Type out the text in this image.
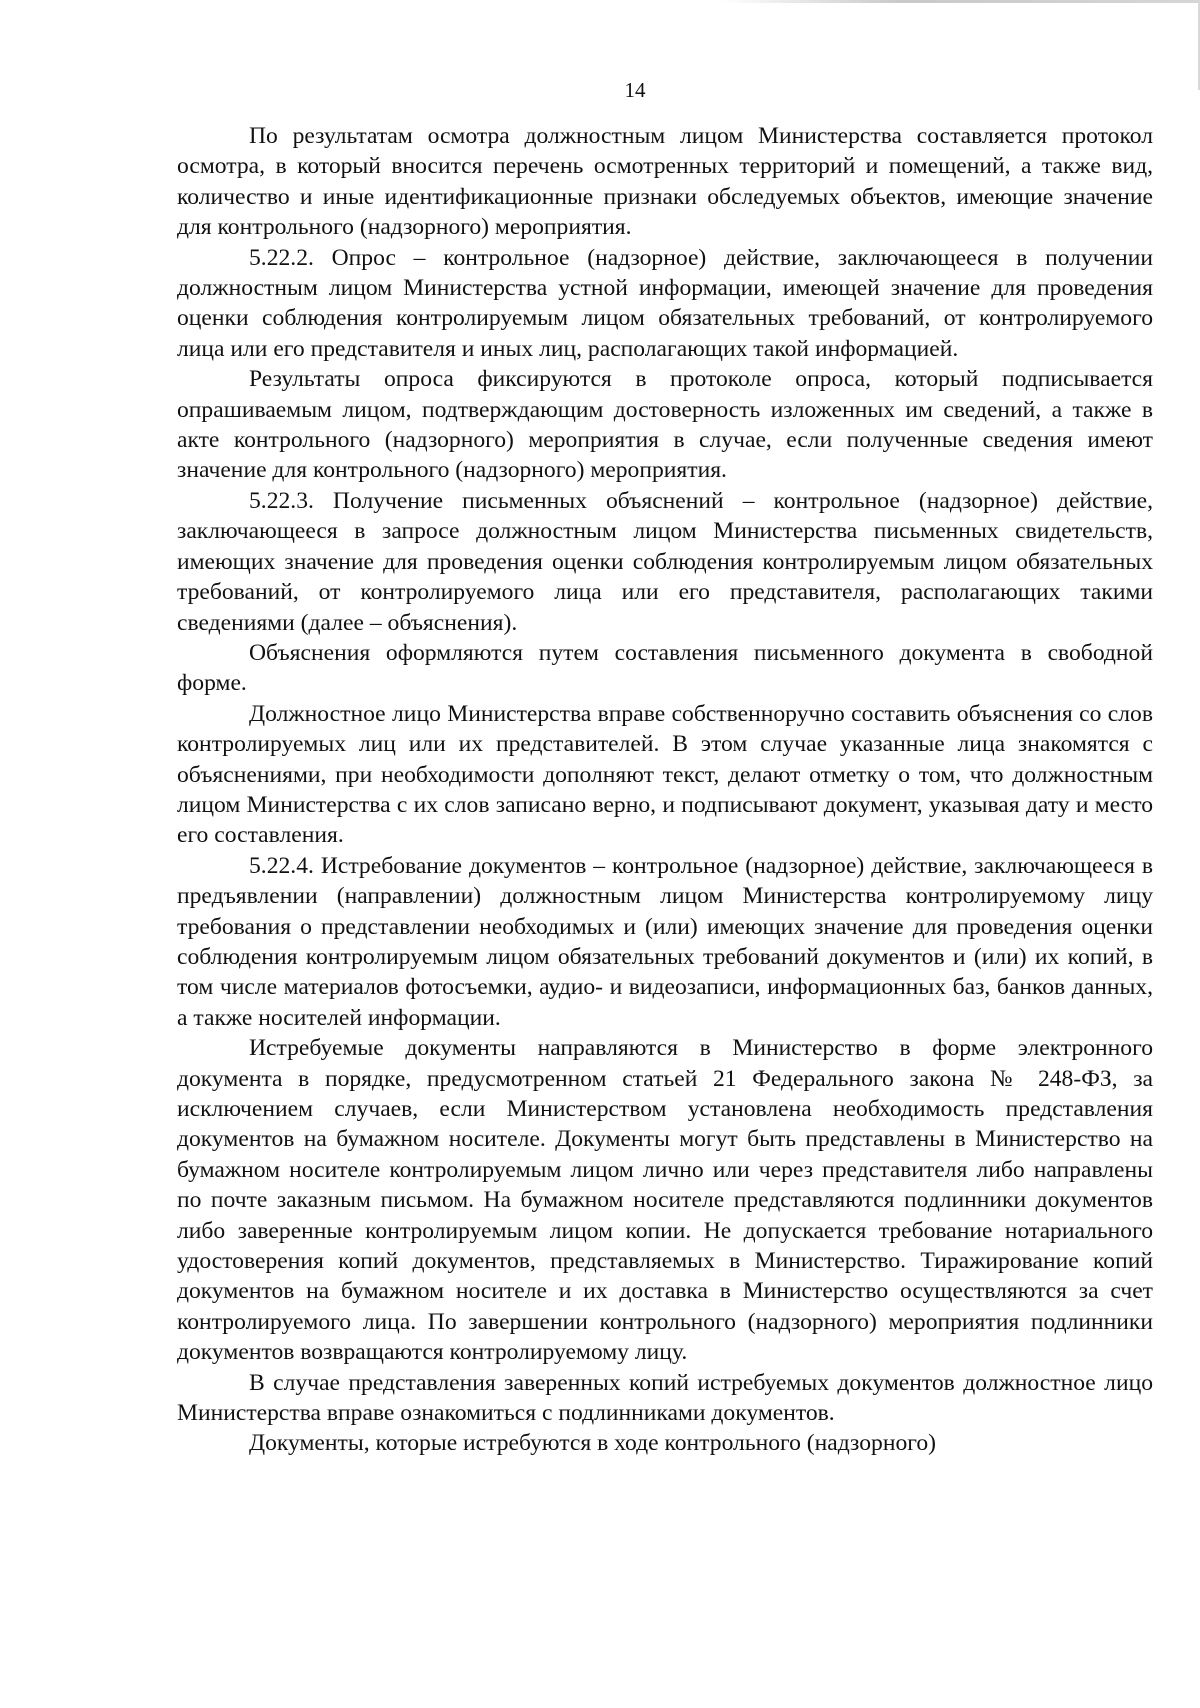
14

По результатам осмотра должностным лицом Министерства составляется протокол осмотра, в который вносится перечень осмотренных территорий и помещений, а также вид, количество и иные идентификационные признаки обследуемых объектов, имеющие значение для контрольного (надзорного) мероприятия.

5.22.2. Опрос – контрольное (надзорное) действие, заключающееся в получении должностным лицом Министерства устной информации, имеющей значение для проведения оценки соблюдения контролируемым лицом обязательных требований, от контролируемого лица или его представителя и иных лиц, располагающих такой информацией.

Результаты опроса фиксируются в протоколе опроса, который подписывается опрашиваемым лицом, подтверждающим достоверность изложенных им сведений, а также в акте контрольного (надзорного) мероприятия в случае, если полученные сведения имеют значение для контрольного (надзорного) мероприятия.

5.22.3. Получение письменных объяснений – контрольное (надзорное) действие, заключающееся в запросе должностным лицом Министерства письменных свидетельств, имеющих значение для проведения оценки соблюдения контролируемым лицом обязательных требований, от контролируемого лица или его представителя, располагающих такими сведениями (далее – объяснения).

Объяснения оформляются путем составления письменного документа в свободной форме.

Должностное лицо Министерства вправе собственноручно составить объяснения со слов контролируемых лиц или их представителей. В этом случае указанные лица знакомятся с объяснениями, при необходимости дополняют текст, делают отметку о том, что должностным лицом Министерства с их слов записано верно, и подписывают документ, указывая дату и место его составления.

5.22.4. Истребование документов – контрольное (надзорное) действие, заключающееся в предъявлении (направлении) должностным лицом Министерства контролируемому лицу требования о представлении необходимых и (или) имеющих значение для проведения оценки соблюдения контролируемым лицом обязательных требований документов и (или) их копий, в том числе материалов фотосъемки, аудио- и видеозаписи, информационных баз, банков данных, а также носителей информации.

Истребуемые документы направляются в Министерство в форме электронного документа в порядке, предусмотренном статьей 21 Федерального закона № 248-ФЗ, за исключением случаев, если Министерством установлена необходимость представления документов на бумажном носителе. Документы могут быть представлены в Министерство на бумажном носителе контролируемым лицом лично или через представителя либо направлены по почте заказным письмом. На бумажном носителе представляются подлинники документов либо заверенные контролируемым лицом копии. Не допускается требование нотариального удостоверения копий документов, представляемых в Министерство. Тиражирование копий документов на бумажном носителе и их доставка в Министерство осуществляются за счет контролируемого лица. По завершении контрольного (надзорного) мероприятия подлинники документов возвращаются контролируемому лицу.

В случае представления заверенных копий истребуемых документов должностное лицо Министерства вправе ознакомиться с подлинниками документов.

Документы, которые истребуются в ходе контрольного (надзорного)
